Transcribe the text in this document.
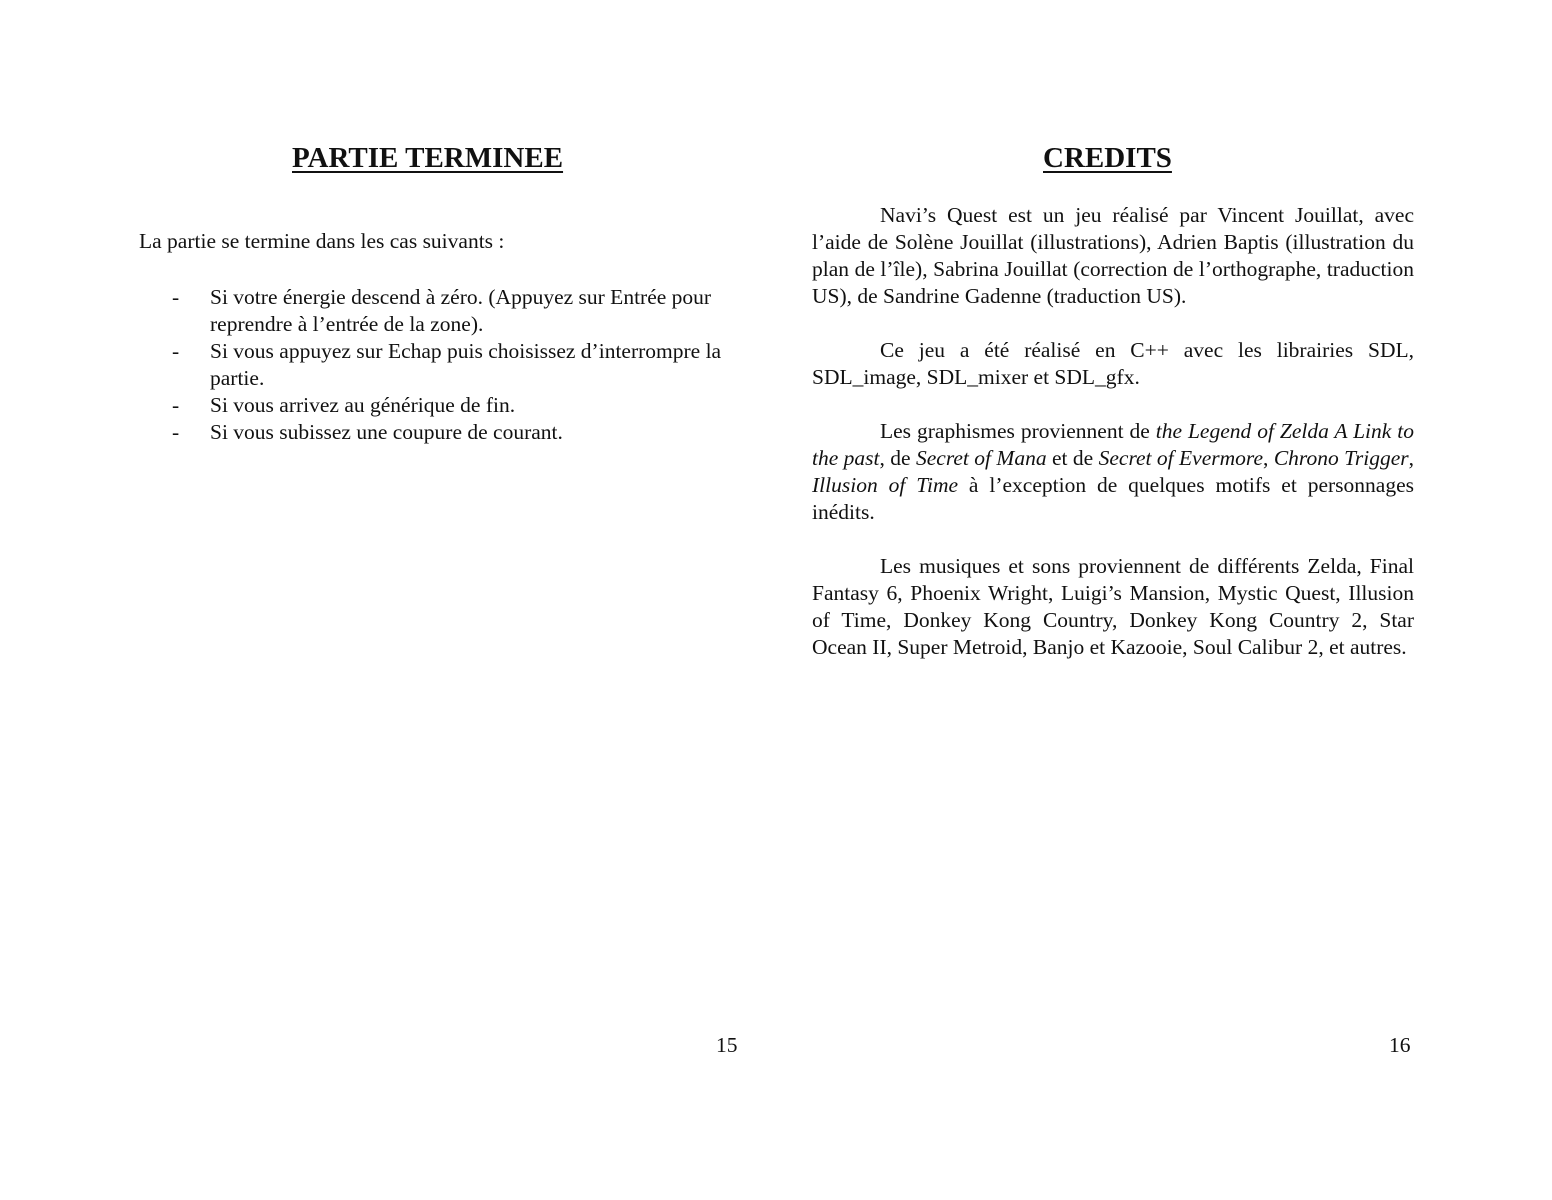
PARTIE TERMINEE

La partie se termine dans les cas suivants :

- Si votre énergie descend à zéro. (Appuyez sur Entrée pour reprendre à l’entrée de la zone).
- Si vous appuyez sur Echap puis choisissez d’interrompre la partie.
- Si vous arrivez au générique de fin.
- Si vous subissez une coupure de courant.

15

CREDITS

Navi’s Quest est un jeu réalisé par Vincent Jouillat, avec l’aide de Solène Jouillat (illustrations), Adrien Baptis (illustration du plan de l’île), Sabrina Jouillat (correction de l’orthographe, traduction US), de Sandrine Gadenne (traduction US).

Ce jeu a été réalisé en C++ avec les librairies SDL, SDL_image, SDL_mixer et SDL_gfx.

Les graphismes proviennent de the Legend of Zelda A Link to the past, de Secret of Mana et de Secret of Evermore, Chrono Trigger, Illusion of Time à l’exception de quelques motifs et personnages inédits.

Les musiques et sons proviennent de différents Zelda, Final Fantasy 6, Phoenix Wright, Luigi’s Mansion, Mystic Quest, Illusion of Time, Donkey Kong Country, Donkey Kong Country 2, Star Ocean II, Super Metroid, Banjo et Kazooie, Soul Calibur 2, et autres.

16
